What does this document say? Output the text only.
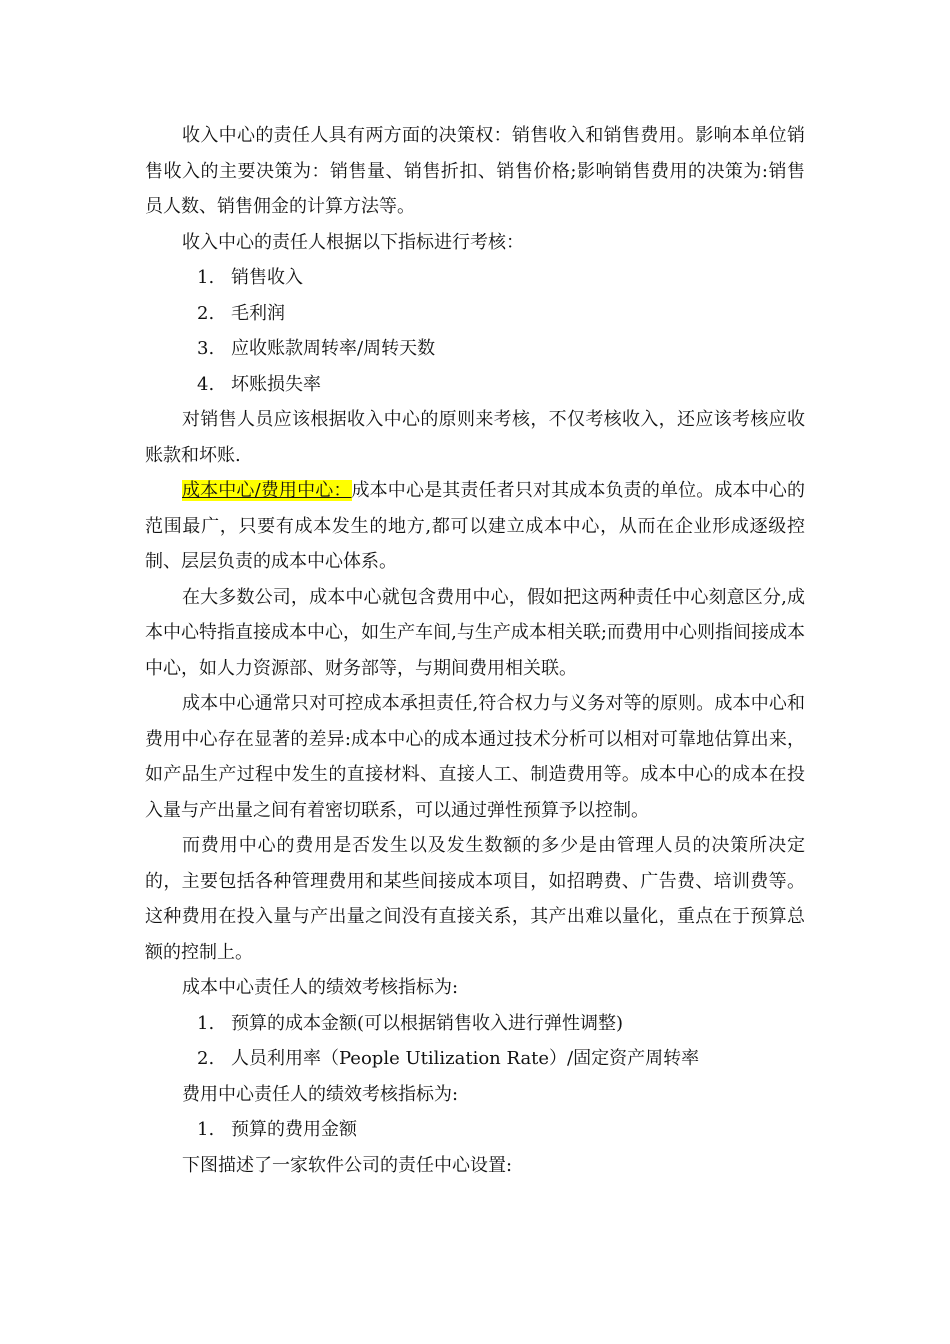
收入中心的责任人具有两方面的决策权：销售收入和销售费用。影响本单位销售收入的主要决策为：销售量、销售折扣、销售价格;影响销售费用的决策为:销售员人数、销售佣金的计算方法等。

收入中心的责任人根据以下指标进行考核：

1. 销售收入

2. 毛利润

3. 应收账款周转率/周转天数

4. 坏账损失率

对销售人员应该根据收入中心的原则来考核，不仅考核收入，还应该考核应收账款和坏账.

成本中心/费用中心：成本中心是其责任者只对其成本负责的单位。成本中心的范围最广，只要有成本发生的地方,都可以建立成本中心，从而在企业形成逐级控制、层层负责的成本中心体系。

在大多数公司，成本中心就包含费用中心，假如把这两种责任中心刻意区分,成本中心特指直接成本中心，如生产车间,与生产成本相关联;而费用中心则指间接成本中心，如人力资源部、财务部等，与期间费用相关联。

成本中心通常只对可控成本承担责任,符合权力与义务对等的原则。成本中心和费用中心存在显著的差异:成本中心的成本通过技术分析可以相对可靠地估算出来，如产品生产过程中发生的直接材料、直接人工、制造费用等。成本中心的成本在投入量与产出量之间有着密切联系，可以通过弹性预算予以控制。

而费用中心的费用是否发生以及发生数额的多少是由管理人员的决策所决定的，主要包括各种管理费用和某些间接成本项目，如招聘费、广告费、培训费等。这种费用在投入量与产出量之间没有直接关系，其产出难以量化，重点在于预算总额的控制上。

成本中心责任人的绩效考核指标为:

1. 预算的成本金额(可以根据销售收入进行弹性调整)

2. 人员利用率（People Utilization Rate）/固定资产周转率

费用中心责任人的绩效考核指标为:

1. 预算的费用金额

下图描述了一家软件公司的责任中心设置:
